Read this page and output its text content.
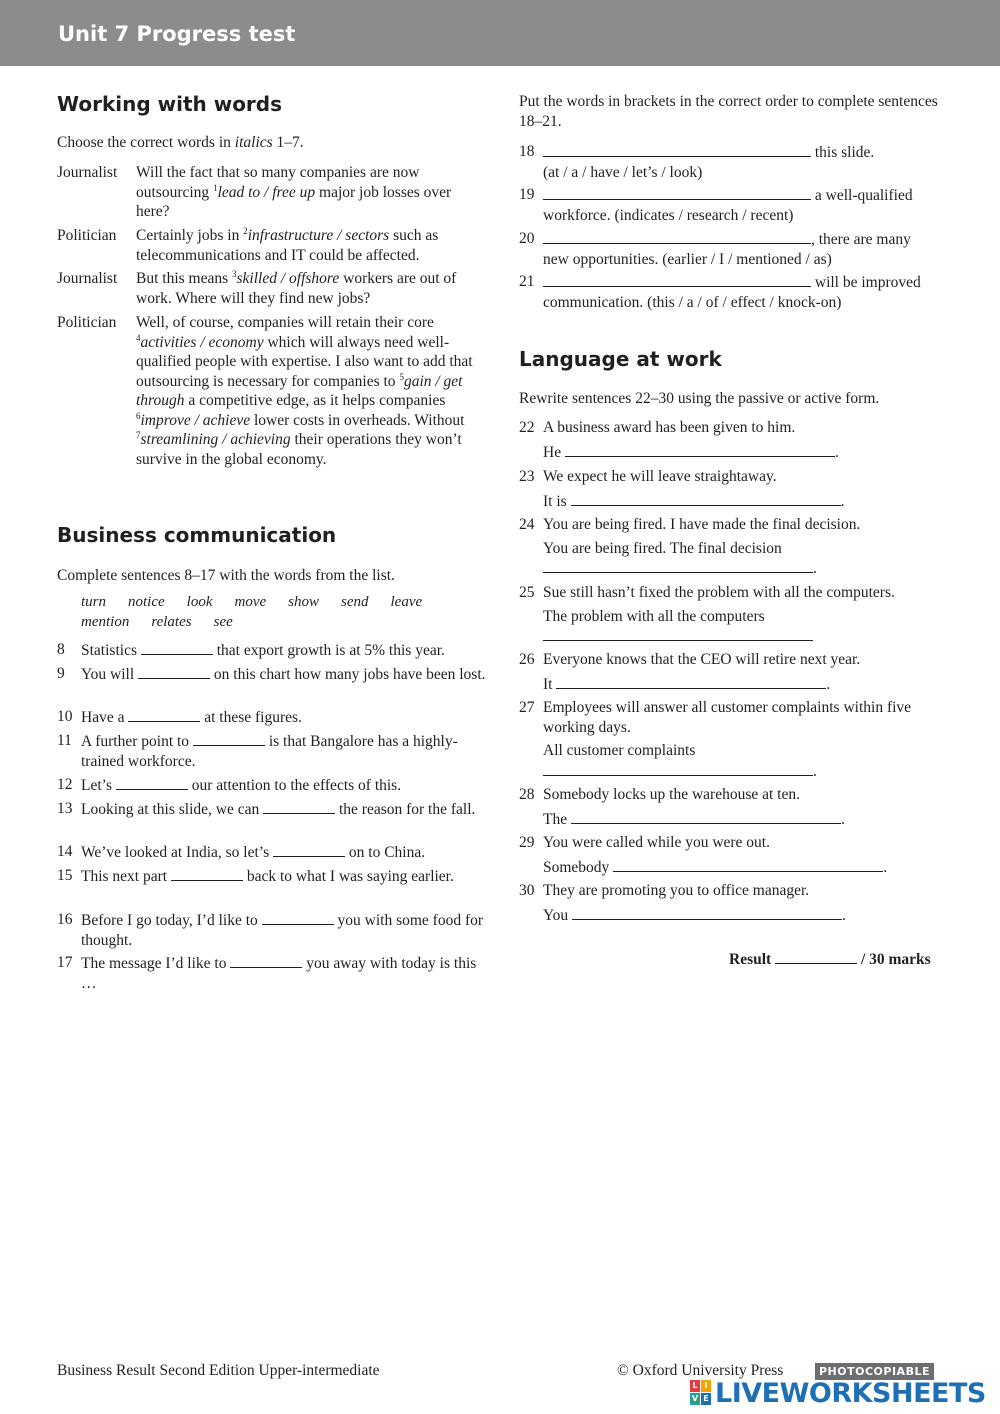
Unit 7 Progress test
Working with words
Choose the correct words in italics 1–7.
Journalist Will the fact that so many companies are now outsourcing $^1$lead to / free up major job losses over here?
Politician Certainly jobs in $^2$infrastructure / sectors such as telecommunications and IT could be affected.
Journalist But this means $^3$skilled / offshore workers are out of work. Where will they find new jobs?
Politician Well, of course, companies will retain their core $^4$activities / economy which will always need well-qualified people with expertise. I also want to add that outsourcing is necessary for companies to $^5$gain / get through a competitive edge, as it helps companies $^6$improve / achieve lower costs in overheads. Without $^7$streamlining / achieving their operations they won’t survive in the global economy.
Business communication
Complete sentences 8–17 with the words from the list.
turn notice look move show send leave
mention relates see
8 Statistics	that export growth is at 5% this year.
9 You will	on this chart how many jobs have been lost.
10 Have a	at these figures.
11 A further point to	is that Bangalore has a highly-trained workforce.
12 Let’s	our attention to the effects of this.
13 Looking at this slide, we can	the reason for the fall.
14 We’ve looked at India, so let’s	on to China.
15 This next part	back to what I was saying earlier.
16 Before I go today, I’d like to	you with some food for thought.
17 The message I’d like to	you away with today is this …
Put the words in brackets in the correct order to complete sentences 18–21.
18	this slide.
(at / a / have / let’s / look)
19	a well-qualified
workforce. (indicates / research / recent)
20	, there are many
new opportunities. (earlier / I / mentioned / as)
21	will be improved
communication. (this / a / of / effect / knock-on)
Language at work
Rewrite sentences 22–30 using the passive or active form.
22 A business award has been given to him.
He	.
23 We expect he will leave straightaway.
It is	.
24 You are being fired. I have made the final decision.
You are being fired. The final decision
.
25 Sue still hasn’t fixed the problem with all the computers.
The problem with all the computers
26 Everyone knows that the CEO will retire next year.
It	.
27 Employees will answer all customer complaints within five working days.
All customer complaints
.
28 Somebody locks up the warehouse at ten.
The	.
29 You were called while you were out.
Somebody	.
30 They are promoting you to office manager.
You	.
Result	/ 30 marks
Business Result Second Edition Upper-intermediate	© Oxford University Press	PHOTOCOPIABLE
L I
V E LIVEWORKSHEETS
